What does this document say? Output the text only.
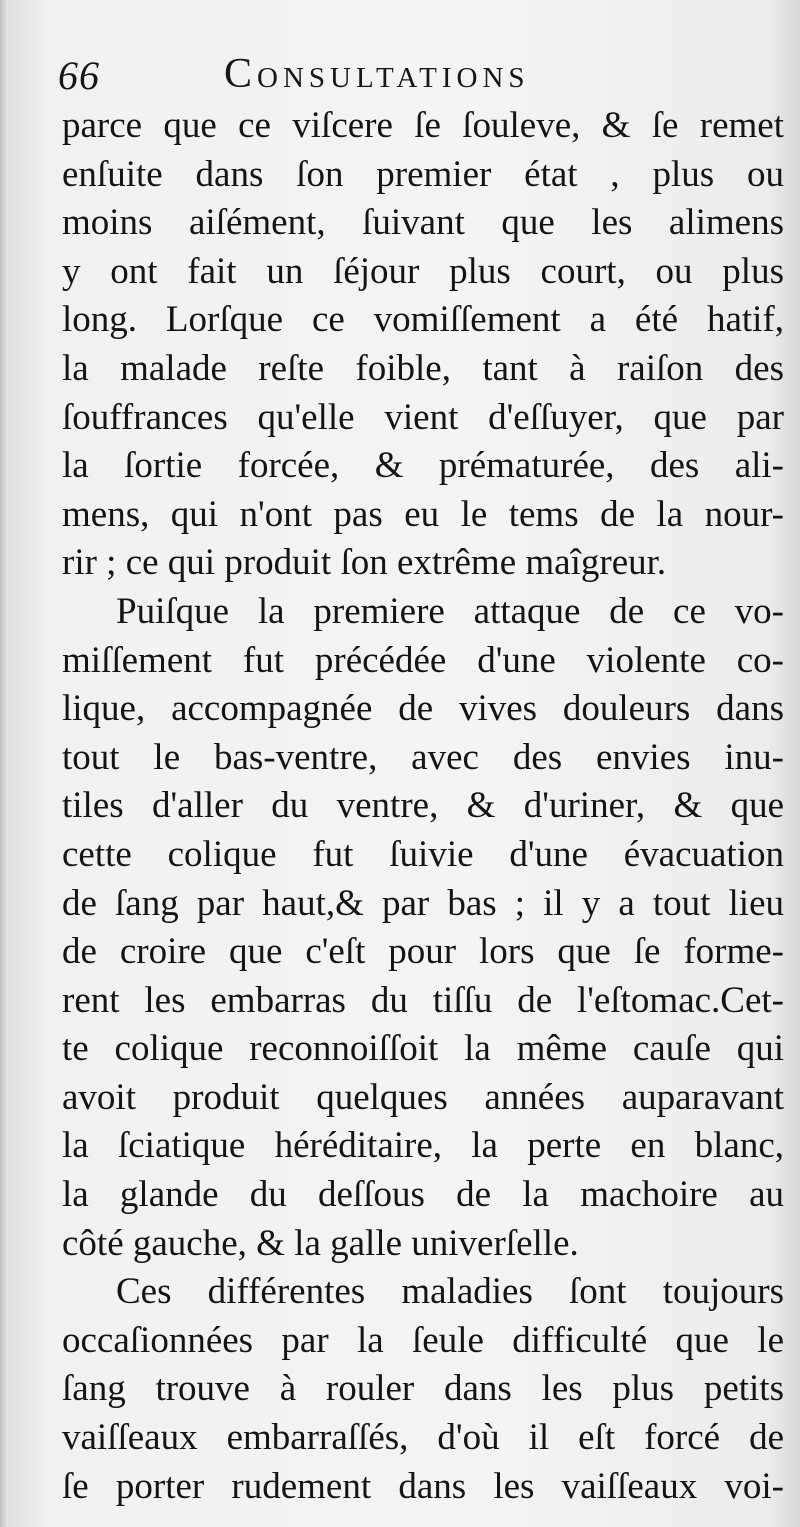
66	Consultations
parce que ce viſcere ſe ſouleve, & ſe remet
enſuite dans ſon premier état , plus ou
moins aiſément, ſuivant que les alimens
y ont fait un ſéjour plus court, ou plus
long. Lorſque ce vomiſſement a été hatif,
la malade reſte foible, tant à raiſon des
ſouffrances qu'elle vient d'eſſuyer, que par
la ſortie forcée, & prématurée, des ali-
mens, qui n'ont pas eu le tems de la nour-
rir ; ce qui produit ſon extrême maîgreur.
Puiſque la premiere attaque de ce vo-
miſſement fut précédée d'une violente co-
lique, accompagnée de vives douleurs dans
tout le bas-ventre, avec des envies inu-
tiles d'aller du ventre, & d'uriner, & que
cette colique fut ſuivie d'une évacuation
de ſang par haut,& par bas ; il y a tout lieu
de croire que c'eſt pour lors que ſe forme-
rent les embarras du tiſſu de l'eſtomac.Cet-
te colique reconnoiſſoit la même cauſe qui
avoit produit quelques années auparavant
la ſciatique héréditaire, la perte en blanc,
la glande du deſſous de la machoire au
côté gauche, & la galle univerſelle.
Ces différentes maladies ſont toujours
occaſionnées par la ſeule difficulté que le
ſang trouve à rouler dans les plus petits
vaiſſeaux embarraſſés, d'où il eſt forcé de
ſe porter rudement dans les vaiſſeaux voi-
